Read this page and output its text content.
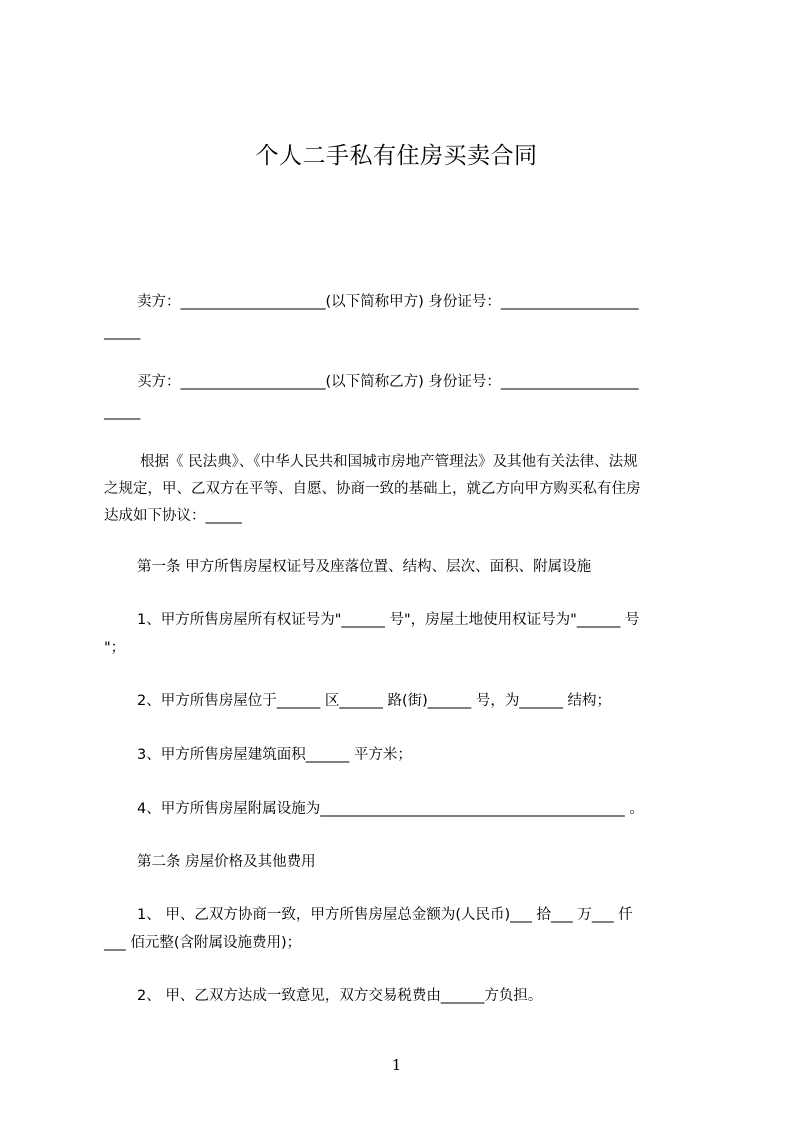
个人二手私有住房买卖合同
卖方：____________________(以下简称甲方) 身份证号：___________________
_____
买方：____________________(以下简称乙方) 身份证号：___________________
_____
根据《 民法典》、《中华人民共和国城市房地产管理法》及其他有关法律、法规
之规定，甲、乙双方在平等、自愿、协商一致的基础上，就乙方向甲方购买私有住房
达成如下协议：_____
第一条 甲方所售房屋权证号及座落位置、结构、层次、面积、附属设施
1、甲方所售房屋所有权证号为"______ 号"，房屋土地使用权证号为"______ 号
"；
2、甲方所售房屋位于______ 区______ 路(街)______ 号，为______ 结构；
3、甲方所售房屋建筑面积______ 平方米；
4、甲方所售房屋附属设施为__________________________________________ 。
第二条 房屋价格及其他费用
1、 甲、乙双方协商一致，甲方所售房屋总金额为(人民币)___ 拾___ 万___ 仟
___ 佰元整(含附属设施费用)；
2、 甲、乙双方达成一致意见，双方交易税费由______方负担。
1
